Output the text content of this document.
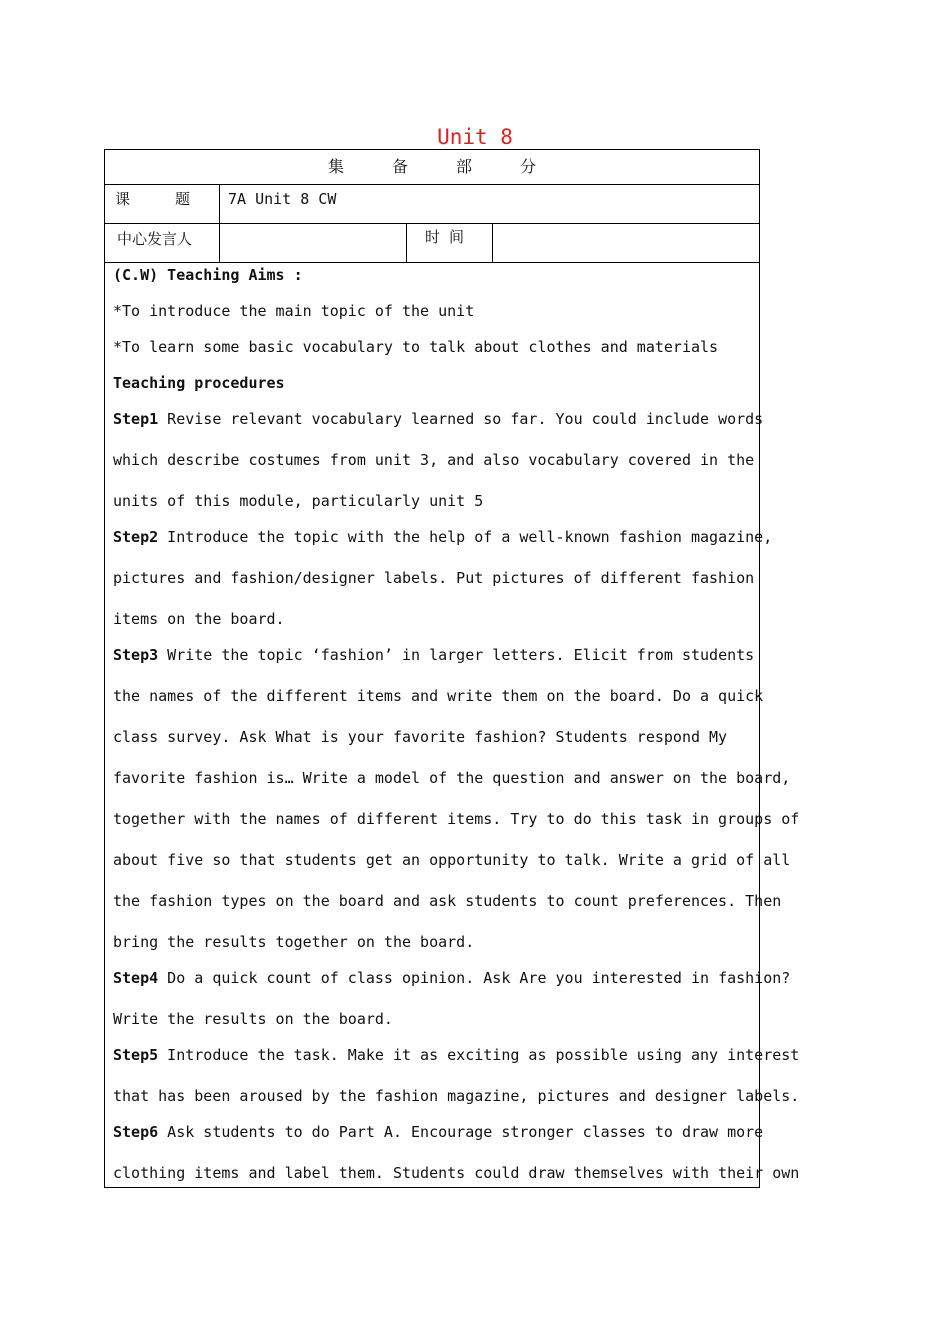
Unit 8
集　　　备　　　部　　　分
课　　　题	7A Unit 8 CW
中心发言人	时 间
(C.W) Teaching Aims :
*To introduce the main topic of the unit
*To learn some basic vocabulary to talk about clothes and materials
Teaching procedures
Step1 Revise relevant vocabulary learned so far. You could include words
which describe costumes from unit 3, and also vocabulary covered in the
units of this module, particularly unit 5
Step2 Introduce the topic with the help of a well-known fashion magazine,
pictures and fashion/designer labels. Put pictures of different fashion
items on the board.
Step3 Write the topic ‘fashion’ in larger letters. Elicit from students
the names of the different items and write them on the board. Do a quick
class survey. Ask What is your favorite fashion? Students respond My
favorite fashion is… Write a model of the question and answer on the board,
together with the names of different items. Try to do this task in groups of
about five so that students get an opportunity to talk. Write a grid of all
the fashion types on the board and ask students to count preferences. Then
bring the results together on the board.
Step4 Do a quick count of class opinion. Ask Are you interested in fashion?
Write the results on the board.
Step5 Introduce the task. Make it as exciting as possible using any interest
that has been aroused by the fashion magazine, pictures and designer labels.
Step6 Ask students to do Part A. Encourage stronger classes to draw more
clothing items and label them. Students could draw themselves with their own
